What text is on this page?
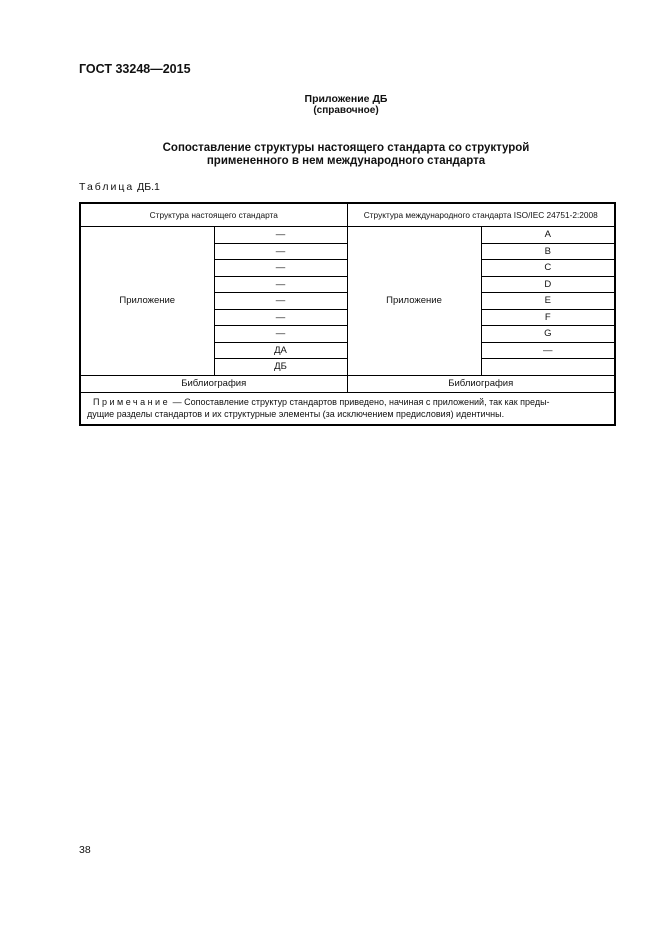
ГОСТ 33248—2015
Приложение ДБ
(справочное)
Сопоставление структуры настоящего стандарта со структурой
примененного в нем международного стандарта
Таблица ДБ.1
Структура настоящего стандарта		Структура международного стандарта ISO/IEC 24751-2:2008	
Приложение	—	Приложение	A
	—		B
	—		C
	—		D
	—		E
	—		F
	—		G
	ДА		—
	ДБ		
Библиография		Библиография	

Примечание — Сопоставление структур стандартов приведено, начиная с приложений, так как преды-
дущие разделы стандартов и их структурные элементы (за исключением предисловия) идентичны.			
38
